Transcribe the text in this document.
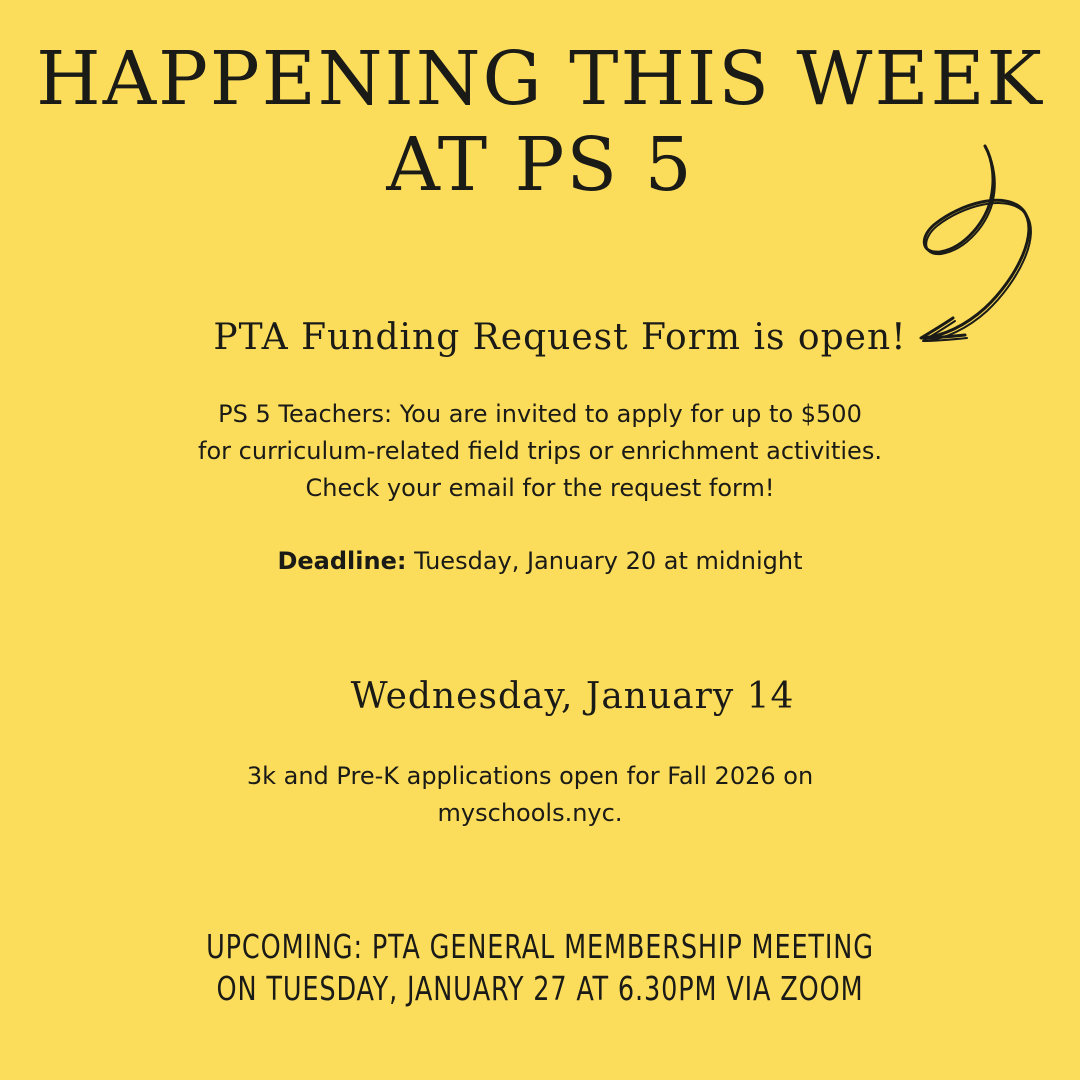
HAPPENING THIS WEEK
AT PS 5
PTA Funding Request Form is open!

PS 5 Teachers: You are invited to apply for up to $500
for curriculum-related field trips or enrichment activities.
Check your email for the request form!

Deadline: Tuesday, January 20 at midnight

Wednesday, January 14

3k and Pre-K applications open for Fall 2026 on
myschools.nyc.

UPCOMING: PTA GENERAL MEMBERSHIP MEETING
ON TUESDAY, JANUARY 27 AT 6.30PM VIA ZOOM
